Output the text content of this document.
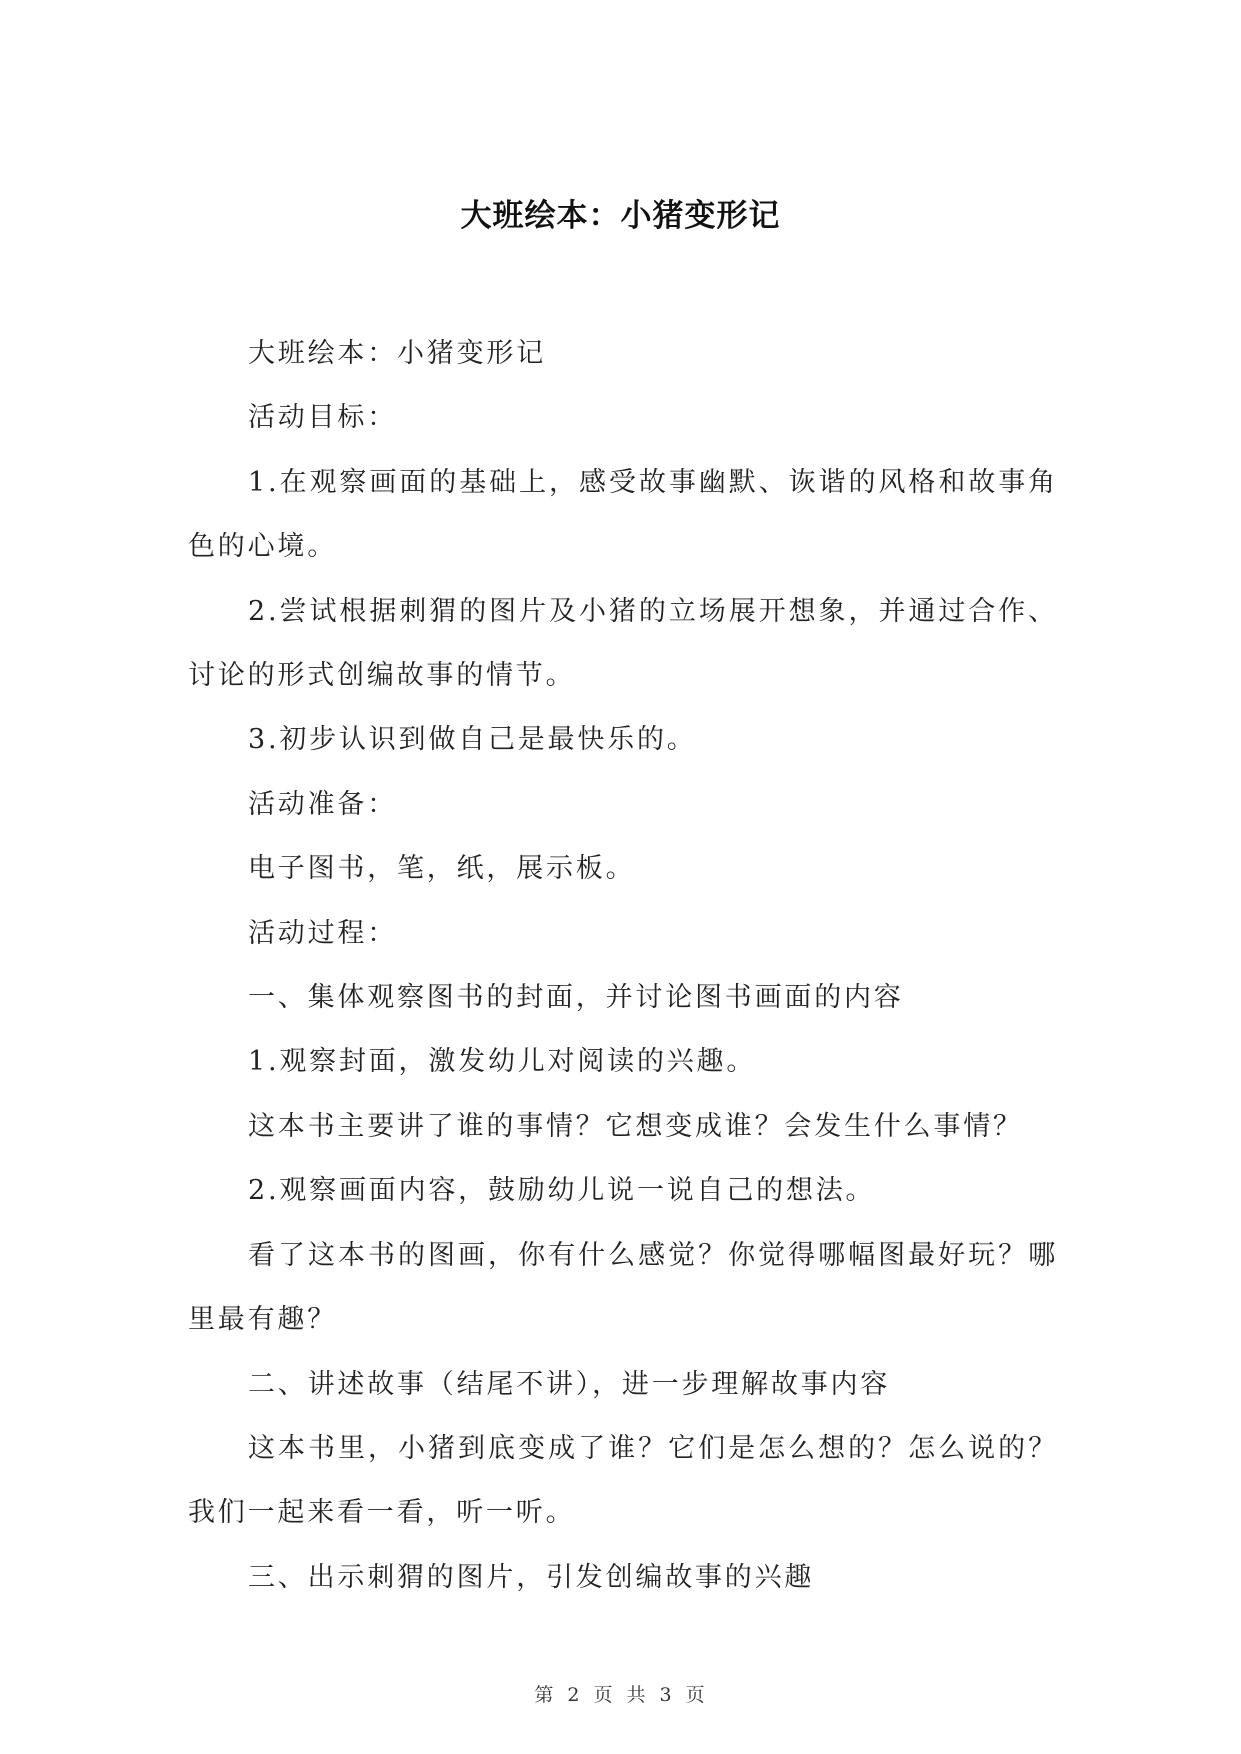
大班绘本：小猪变形记

大班绘本：小猪变形记

活动目标：

1.在观察画面的基础上，感受故事幽默、诙谐的风格和故事角色的心境。

2.尝试根据刺猬的图片及小猪的立场展开想象，并通过合作、讨论的形式创编故事的情节。

3.初步认识到做自己是最快乐的。

活动准备：

电子图书，笔，纸，展示板。

活动过程：

一、集体观察图书的封面，并讨论图书画面的内容

1.观察封面，激发幼儿对阅读的兴趣。

这本书主要讲了谁的事情？它想变成谁？会发生什么事情？

2.观察画面内容，鼓励幼儿说一说自己的想法。

看了这本书的图画，你有什么感觉？你觉得哪幅图最好玩？哪里最有趣？

二、讲述故事（结尾不讲），进一步理解故事内容

这本书里，小猪到底变成了谁？它们是怎么想的？怎么说的？我们一起来看一看，听一听。

三、出示刺猬的图片，引发创编故事的兴趣

第 2 页 共 3 页
